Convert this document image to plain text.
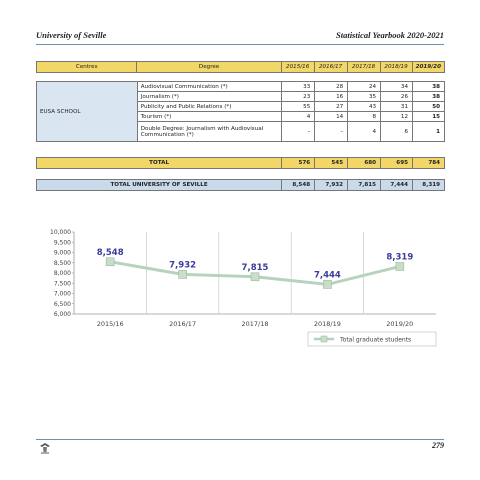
University of Seville	Statistical Yearbook 2020-2021
Centres	Degree	2015/16	2016/17	2017/18	2018/19	2019/20
EUSA SCHOOL	Audiovisual Communication (*)	33	28	24	34	38
	Journalism (*)	23	16	35	26	38
	Publicity and Public Relations (*)	55	27	43	31	50
	Tourism (*)	4	14	8	12	15
	Double Degree: Journalism with Audiovisual Communication (*)	–	–	4	6	1
TOTAL	576	545	680	695	784
TOTAL UNIVERSITY OF SEVILLE	8,548	7,932	7,815	7,444	8,319
6,000
6,500
7,000
7,500
8,000
8,500
9,000
9,500
10,000
2015/16	2016/17	2017/18	2018/19	2019/20
8,548
7,932	7,815
7,444
8,319
Total graduate students
279
